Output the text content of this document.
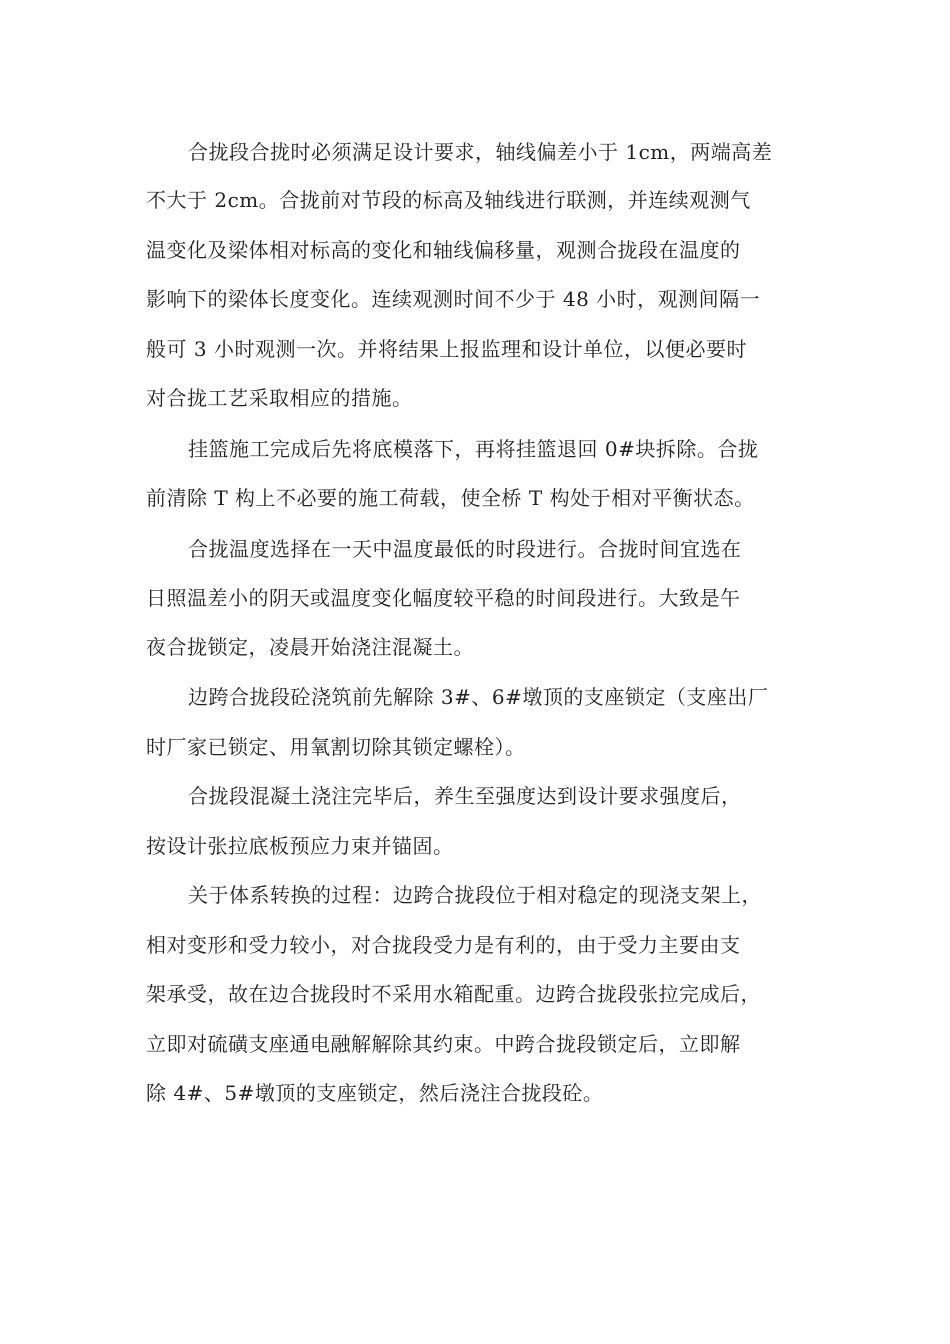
合拢段合拢时必须满足设计要求，轴线偏差小于 1cm，两端高差
不大于 2cm。合拢前对节段的标高及轴线进行联测，并连续观测气
温变化及梁体相对标高的变化和轴线偏移量，观测合拢段在温度的
影响下的梁体长度变化。连续观测时间不少于 48 小时，观测间隔一
般可 3 小时观测一次。并将结果上报监理和设计单位，以便必要时
对合拢工艺采取相应的措施。
挂篮施工完成后先将底模落下，再将挂篮退回 0#块拆除。合拢
前清除 T 构上不必要的施工荷载，使全桥 T 构处于相对平衡状态。
合拢温度选择在一天中温度最低的时段进行。合拢时间宜选在
日照温差小的阴天或温度变化幅度较平稳的时间段进行。大致是午
夜合拢锁定，凌晨开始浇注混凝土。
边跨合拢段砼浇筑前先解除 3#、6#墩顶的支座锁定（支座出厂
时厂家已锁定、用氧割切除其锁定螺栓）。
合拢段混凝土浇注完毕后，养生至强度达到设计要求强度后，
按设计张拉底板预应力束并锚固。
关于体系转换的过程：边跨合拢段位于相对稳定的现浇支架上，
相对变形和受力较小，对合拢段受力是有利的，由于受力主要由支
架承受，故在边合拢段时不采用水箱配重。边跨合拢段张拉完成后，
立即对硫磺支座通电融解解除其约束。中跨合拢段锁定后，立即解
除 4#、5#墩顶的支座锁定，然后浇注合拢段砼。
